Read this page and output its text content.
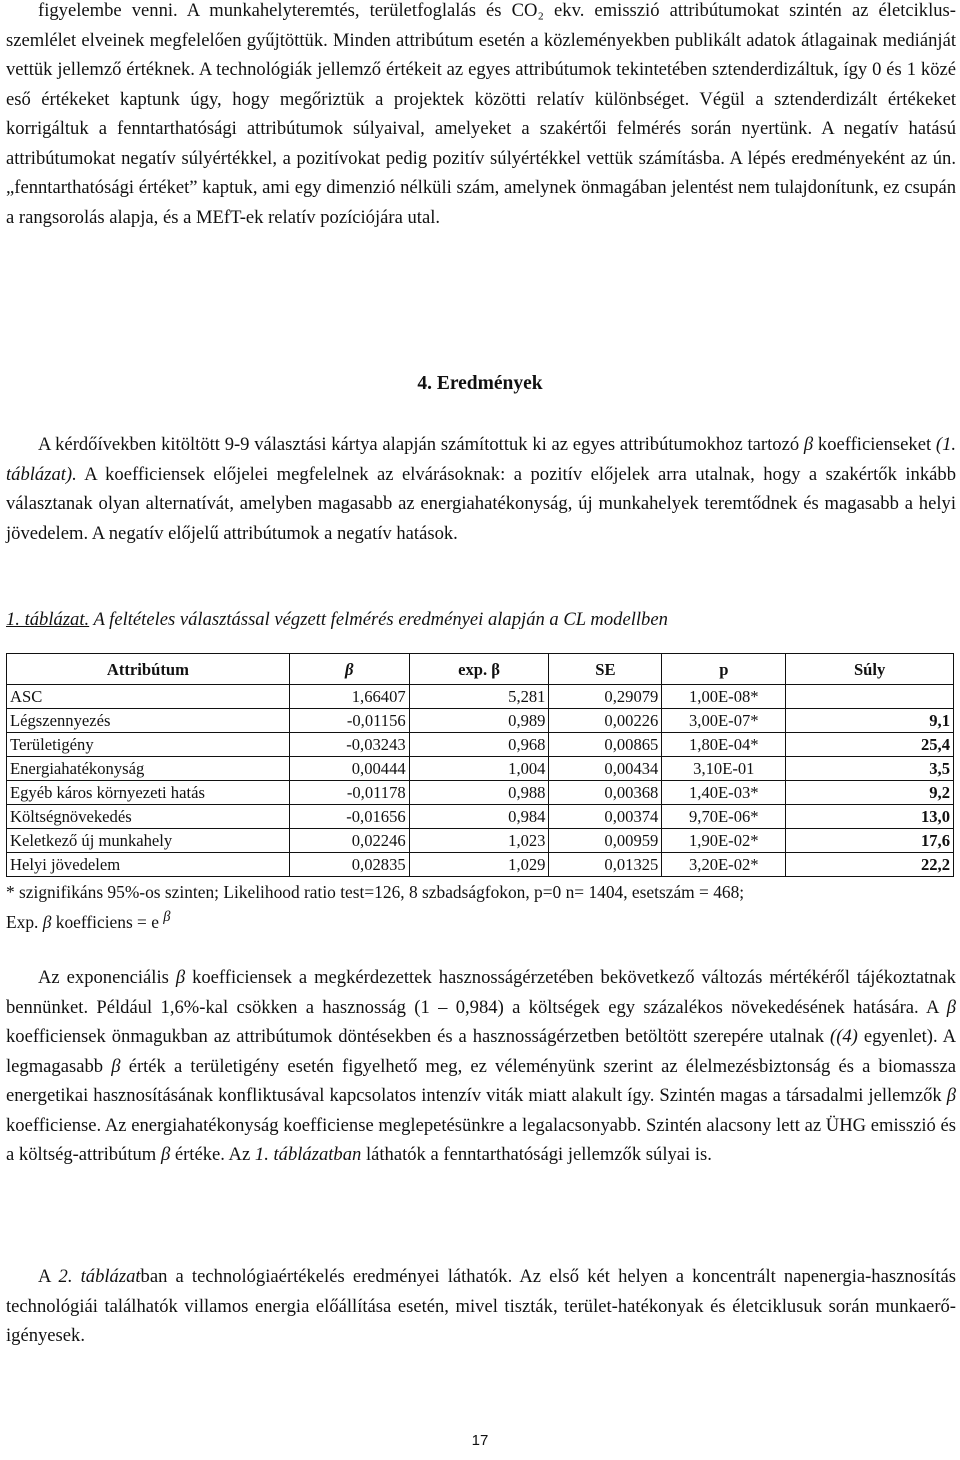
figyelembe venni. A munkahelyteremtés, területfoglalás és CO₂ ekv. emisszió attribútumokat szintén az életciklus-szemlélet elveinek megfelelően gyűjtöttük. Minden attribútum esetén a közleményekben publikált adatok átlagainak mediánját vettük jellemző értéknek. A technológiák jellemző értékeit az egyes attribútumok tekintetében sztenderdizáltuk, így 0 és 1 közé eső értékeket kaptunk úgy, hogy megőriztük a projektek közötti relatív különbséget. Végül a sztenderdizált értékeket korrigáltuk a fenntarthatósági attribútumok súlyaival, amelyeket a szakértői felmérés során nyertünk. A negatív hatású attribútumokat negatív súlyértékkel, a pozitívokat pedig pozitív súlyértékkel vettük számításba. A lépés eredményeként az ún. „fenntarthatósági értéket” kaptuk, ami egy dimenzió nélküli szám, amelynek önmagában jelentést nem tulajdonítunk, ez csupán a rangsorolás alapja, és a MEfT-ek relatív pozíciójára utal.

4. Eredmények

A kérdőívekben kitöltött 9-9 választási kártya alapján számítottuk ki az egyes attribútumokhoz tartozó β koefficienseket (1. táblázat). A koefficiensek előjelei megfelelnek az elvárásoknak: a pozitív előjelek arra utalnak, hogy a szakértők inkább választanak olyan alternatívát, amelyben magasabb az energiahatékonyság, új munkahelyek teremtődnek és magasabb a helyi jövedelem. A negatív előjelű attribútumok a negatív hatások.

1. táblázat. A feltételes választással végzett felmérés eredményei alapján a CL modellben
Attribútum	β	exp. β	SE	p	Súly
ASC	1,66407	5,281	0,29079	1,00E-08*	
Légszennyezés	-0,01156	0,989	0,00226	3,00E-07*	9,1
Területigény	-0,03243	0,968	0,00865	1,80E-04*	25,4
Energiahatékonyság	0,00444	1,004	0,00434	3,10E-01	3,5
Egyéb káros környezeti hatás	-0,01178	0,988	0,00368	1,40E-03*	9,2
Költségnövekedés	-0,01656	0,984	0,00374	9,70E-06*	13,0
Keletkező új munkahely	0,02246	1,023	0,00959	1,90E-02*	17,6
Helyi jövedelem	0,02835	1,029	0,01325	3,20E-02*	22,2
* szignifikáns 95%-os szinten; Likelihood ratio test=126, 8 szbadságfokon, p=0 n= 1404, esetszám = 468;
Exp. β koefficiens = e $^\beta$

Az exponenciális β koefficiensek a megkérdezettek hasznosságérzetében bekövetkező változás mértékéről tájékoztatnak bennünket. Például 1,6%-kal csökken a hasznosság (1 – 0,984) a költségek egy százalékos növekedésének hatására. A β koefficiensek önmagukban az attribútumok döntésekben és a hasznosságérzetben betöltött szerepére utalnak ((4) egyenlet). A legmagasabb β érték a területigény esetén figyelhető meg, ez véleményünk szerint az élelmezésbiztonság és a biomassza energetikai hasznosításának konfliktusával kapcsolatos intenzív viták miatt alakult így. Szintén magas a társadalmi jellemzők β koefficiense. Az energiahatékonyság koefficiense meglepetésünkre a legalacsonyabb. Szintén alacsony lett az ÜHG emisszió és a költség-attribútum β értéke. Az 1. táblázatban láthatók a fenntarthatósági jellemzők súlyai is.

A 2. táblázatban a technológiaértékelés eredményei láthatók. Az első két helyen a koncentrált napenergia-hasznosítás technológiái találhatók villamos energia előállítása esetén, mivel tiszták, terület-hatékonyak és életciklusuk során munkaerő-igényesek.

17
